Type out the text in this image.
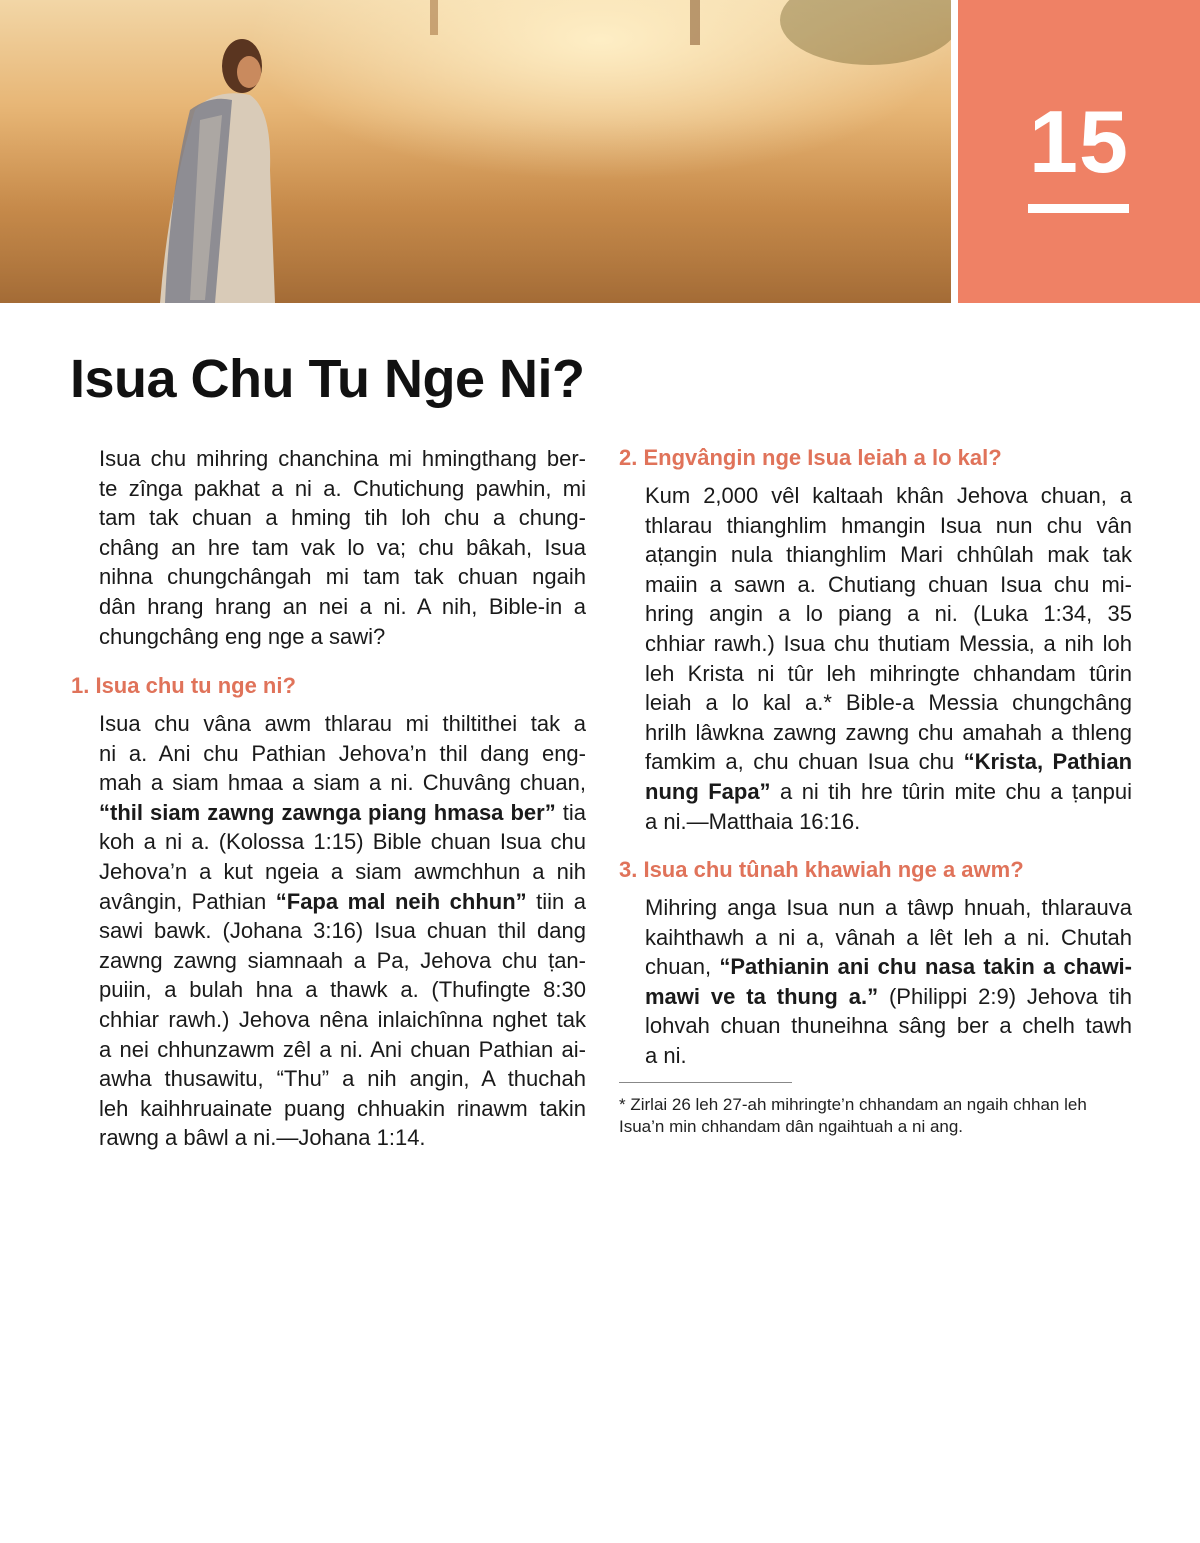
15
Isua Chu Tu Nge Ni?
Isua chu mihring chanchina mi hmingthang ber-
te zînga pakhat a ni a. Chutichung pawhin, mi
tam tak chuan a hming tih loh chu a chung-
châng an hre tam vak lo va; chu bâkah, Isua
nihna chungchângah mi tam tak chuan ngaih
dân hrang hrang an nei a ni. A nih, Bible-in a
chungchâng eng nge a sawi?
1. Isua chu tu nge ni?
Isua chu vâna awm thlarau mi thiltithei tak a
ni a. Ani chu Pathian Jehova’n thil dang eng-
mah a siam hmaa a siam a ni. Chuvâng chuan,
“thil siam zawng zawnga piang hmasa ber” tia
koh a ni a. (Kolossa 1:15) Bible chuan Isua chu
Jehova’n a kut ngeia a siam awmchhun a nih
avângin, Pathian “Fapa mal neih chhun” tiin a
sawi bawk. (Johana 3:16) Isua chuan thil dang
zawng zawng siamnaah a Pa, Jehova chu ṭan-
puiin, a bulah hna a thawk a. (Thufingte 8:30
chhiar rawh.) Jehova nêna inlaichînna nghet tak
a nei chhunzawm zêl a ni. Ani chuan Pathian ai-
awha thusawitu, “Thu” a nih angin, A thuchah
leh kaihhruainate puang chhuakin rinawm takin
rawng a bâwl a ni.—Johana 1:14.
2. Engvângin nge Isua leiah a lo kal?
Kum 2,000 vêl kaltaah khân Jehova chuan, a
thlarau thianghlim hmangin Isua nun chu vân
aṭangin nula thianghlim Mari chhûlah mak tak
maiin a sawn a. Chutiang chuan Isua chu mi-
hring angin a lo piang a ni. (Luka 1:34, 35
chhiar rawh.) Isua chu thutiam Messia, a nih loh
leh Krista ni tûr leh mihringte chhandam tûrin
leiah a lo kal a.* Bible-a Messia chungchâng
hrilh lâwkna zawng zawng chu amahah a thleng
famkim a, chu chuan Isua chu “Krista, Pathian
nung Fapa” a ni tih hre tûrin mite chu a ṭanpui
a ni.—Matthaia 16:16.
3. Isua chu tûnah khawiah nge a awm?
Mihring anga Isua nun a tâwp hnuah, thlarauva
kaihthawh a ni a, vânah a lêt leh a ni. Chutah
chuan, “Pathianin ani chu nasa takin a chawi-
mawi ve ta thung a.” (Philippi 2:9) Jehova tih
lohvah chuan thuneihna sâng ber a chelh tawh
a ni.
* Zirlai 26 leh 27-ah mihringte’n chhandam an ngaih chhan leh
Isua’n min chhandam dân ngaihtuah a ni ang.
